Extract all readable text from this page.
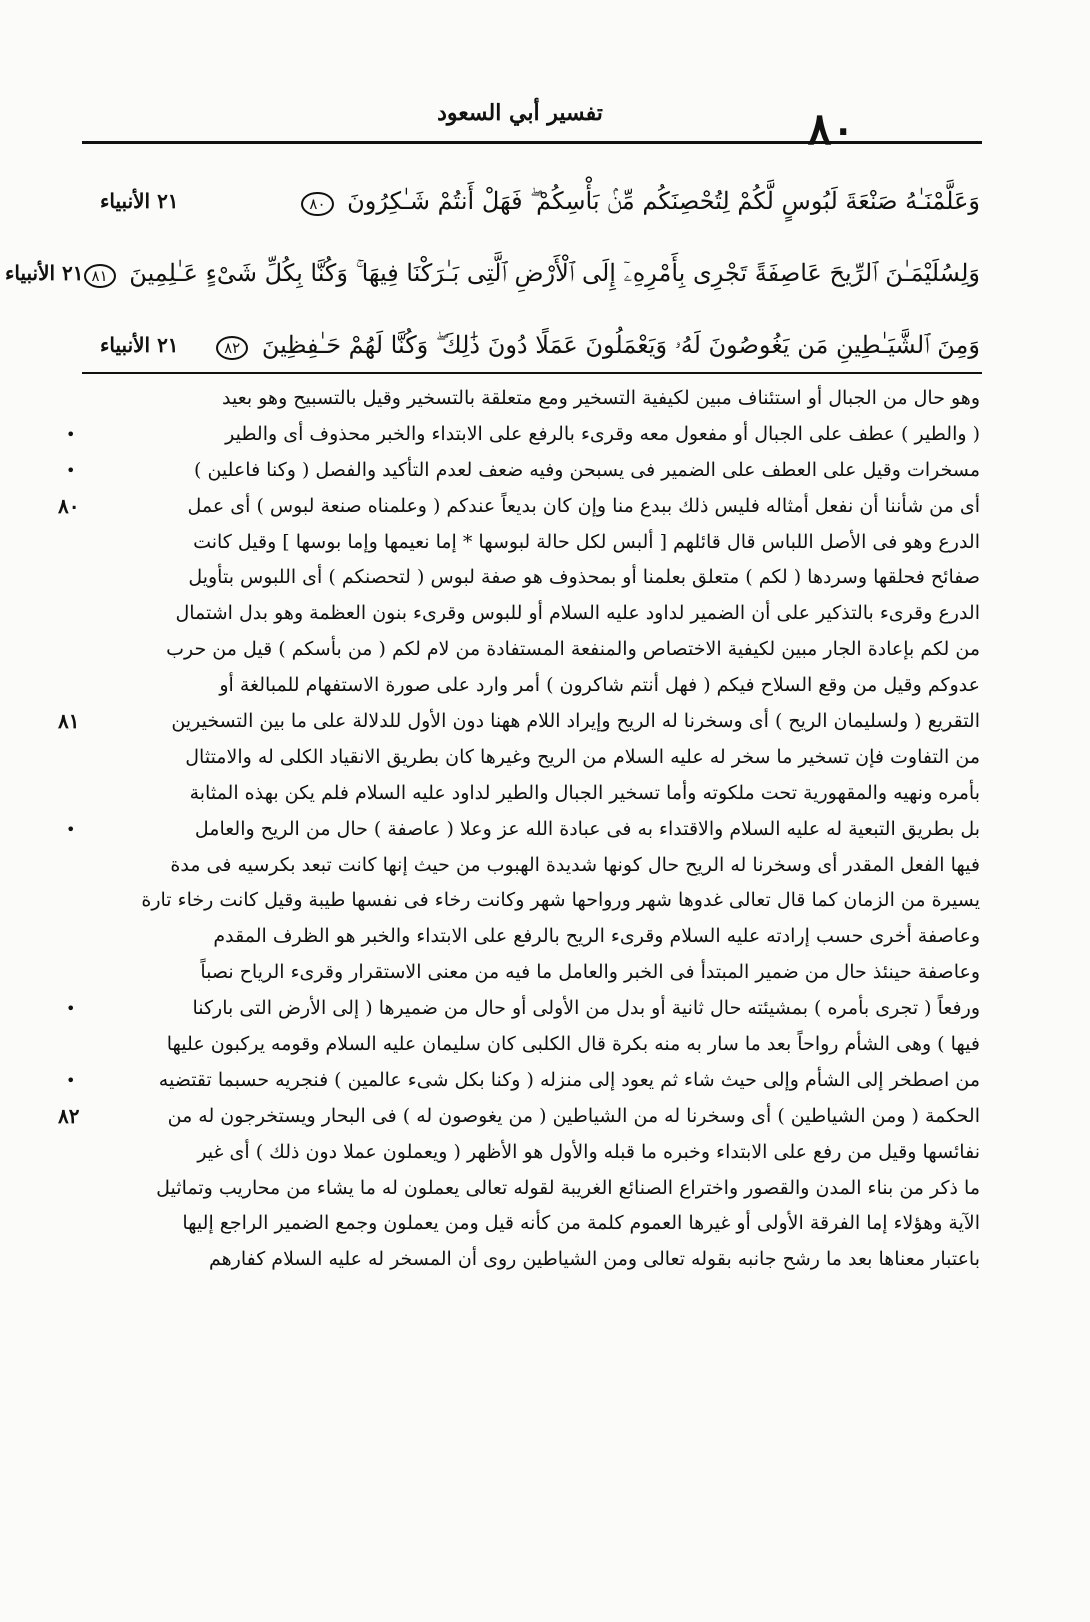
تفسير أبي السعود	٨٠
وَعَلَّمْنَـٰهُ صَنْعَةَ لَبُوسٍ لَّكُمْ لِتُحْصِنَكُم مِّنۢ بَأْسِكُمْ ۖ فَهَلْ أَنتُمْ شَـٰكِرُونَ ٨٠
٢١ الأنبياء
وَلِسُلَيْمَـٰنَ ٱلرِّيحَ عَاصِفَةً تَجْرِى بِأَمْرِهِۦٓ إِلَى ٱلْأَرْضِ ٱلَّتِى بَـٰرَكْنَا فِيهَا ۚ وَكُنَّا بِكُلِّ شَىْءٍ عَـٰلِمِينَ ٨١
٢١ الأنبياء
وَمِنَ ٱلشَّيَـٰطِينِ مَن يَغُوصُونَ لَهُۥ وَيَعْمَلُونَ عَمَلًا دُونَ ذَٰلِكَ ۖ وَكُنَّا لَهُمْ حَـٰفِظِينَ ٨٢
٢١ الأنبياء
وهو حال من الجبال أو استئناف مبين لكيفية التسخير ومع متعلقة بالتسخير وقيل بالتسبيح وهو بعيد
( والطير ) عطف على الجبال أو مفعول معه وقرىء بالرفع على الابتداء والخبر محذوف أى والطير
مسخرات وقيل على العطف على الضمير فى يسبحن وفيه ضعف لعدم التأكيد والفصل ( وكنا فاعلين )
أى من شأننا أن نفعل أمثاله فليس ذلك ببدع منا وإن كان بديعاً عندكم ( وعلمناه صنعة لبوس ) أى عمل
الدرع وهو فى الأصل اللباس قال قائلهم [ ألبس لكل حالة لبوسها * إما نعيمها وإما بوسها ] وقيل كانت
صفائح فحلقها وسردها ( لكم ) متعلق بعلمنا أو بمحذوف هو صفة لبوس ( لتحصنكم ) أى اللبوس بتأويل
الدرع وقرىء بالتذكير على أن الضمير لداود عليه السلام أو للبوس وقرىء بنون العظمة وهو بدل اشتمال
من لكم بإعادة الجار مبين لكيفية الاختصاص والمنفعة المستفادة من لام لكم ( من بأسكم ) قيل من حرب
عدوكم وقيل من وقع السلاح فيكم ( فهل أنتم شاكرون ) أمر وارد على صورة الاستفهام للمبالغة أو
التقريع ( ولسليمان الريح ) أى وسخرنا له الريح وإيراد اللام ههنا دون الأول للدلالة على ما بين التسخيرين
من التفاوت فإن تسخير ما سخر له عليه السلام من الريح وغيرها كان بطريق الانقياد الكلى له والامتثال
بأمره ونهيه والمقهورية تحت ملكوته وأما تسخير الجبال والطير لداود عليه السلام فلم يكن بهذه المثابة
بل بطريق التبعية له عليه السلام والاقتداء به فى عبادة الله عز وعلا ( عاصفة ) حال من الريح والعامل
فيها الفعل المقدر أى وسخرنا له الريح حال كونها شديدة الهبوب من حيث إنها كانت تبعد بكرسيه فى مدة
يسيرة من الزمان كما قال تعالى غدوها شهر ورواحها شهر وكانت رخاء فى نفسها طيبة وقيل كانت رخاء تارة
وعاصفة أخرى حسب إرادته عليه السلام وقرىء الريح بالرفع على الابتداء والخبر هو الظرف المقدم
وعاصفة حينئذ حال من ضمير المبتدأ فى الخبر والعامل ما فيه من معنى الاستقرار وقرىء الرياح نصباً
ورفعاً ( تجرى بأمره ) بمشيئته حال ثانية أو بدل من الأولى أو حال من ضميرها ( إلى الأرض التى باركنا
فيها ) وهى الشأم رواحاً بعد ما سار به منه بكرة قال الكلبى كان سليمان عليه السلام وقومه يركبون عليها
من اصطخر إلى الشأم وإلى حيث شاء ثم يعود إلى منزله ( وكنا بكل شىء عالمين ) فنجريه حسبما تقتضيه
الحكمة ( ومن الشياطين ) أى وسخرنا له من الشياطين ( من يغوصون له ) فى البحار ويستخرجون له من
نفائسها وقيل من رفع على الابتداء وخبره ما قبله والأول هو الأظهر ( ويعملون عملا دون ذلك ) أى غير
ما ذكر من بناء المدن والقصور واختراع الصنائع الغريبة لقوله تعالى يعملون له ما يشاء من محاريب وتماثيل
الآية وهؤلاء إما الفرقة الأولى أو غيرها العموم كلمة من كأنه قيل ومن يعملون وجمع الضمير الراجع إليها
باعتبار معناها بعد ما رشح جانبه بقوله تعالى ومن الشياطين روى أن المسخر له عليه السلام كفارهم
•
•
٨٠
٨١
•
•
•
٨٢
